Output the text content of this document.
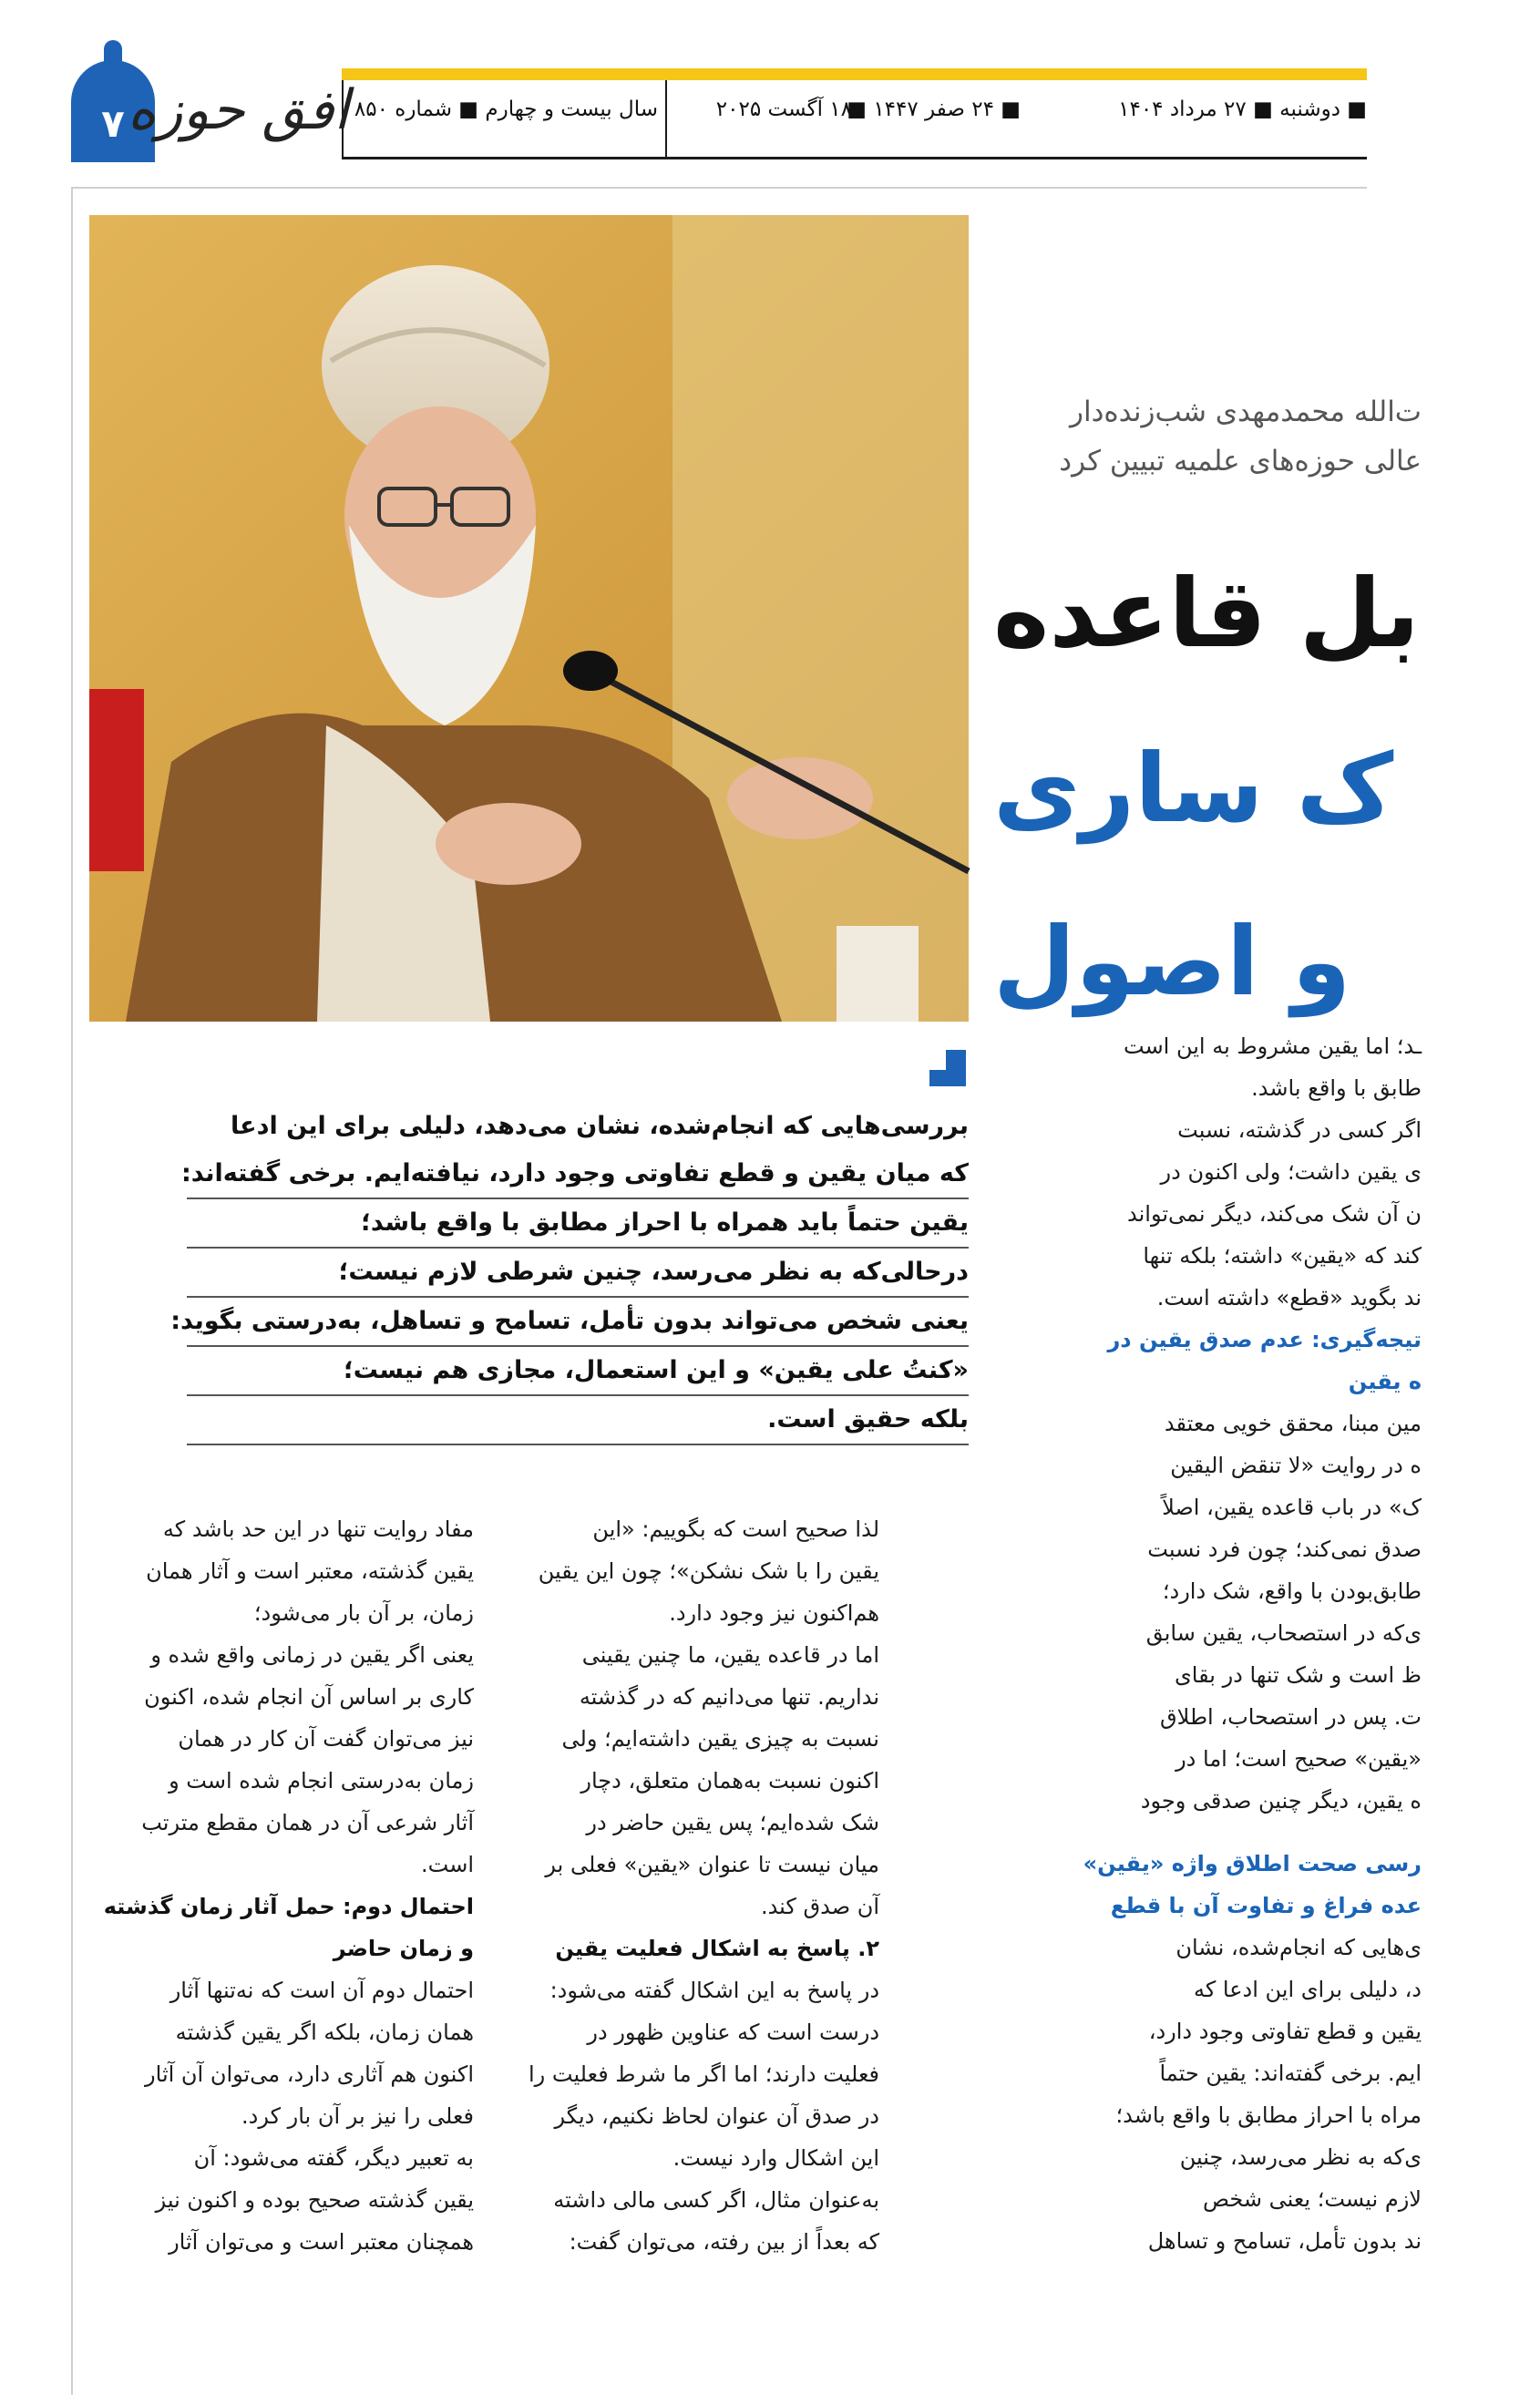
۷ افق حوزه سال بیست و چهارم ■ شماره ۸۵۰	۱۸ آگست ۲۰۲۵
■ ۲۴ صفر ۱۴۴۷ ■	■ دوشنبه ■ ۲۷ مرداد ۱۴۰۴
ت‌الله محمدمهدی شب‌زنده‌دار
عالی حوزه‌های علمیه تبیین کرد
بل قاعده
ک ساری
و اصول
بررسی‌هایی که انجام‌شده، نشان می‌دهد، دلیلی برای این ادعا
که میان یقین و قطع تفاوتی وجود دارد، نیافته‌ایم. برخی گفته‌اند:
یقین حتماً باید همراه با احراز مطابق با واقع باشد؛
درحالی‌که به نظر می‌رسد، چنین شرطی لازم نیست؛
یعنی شخص می‌تواند بدون تأمل، تسامح و تساهل، به‌درستی بگوید:
«کنتُ علی یقین» و این استعمال، مجازی هم نیست؛
بلکه حقیق است.

مفاد روایت تنها در این حد باشد که

یقین گذشته، معتبر است و آثار همان

زمان، بر آن بار می‌شود؛

یعنی اگر یقین در زمانی واقع شده و

کاری بر اساس آن انجام شده، اکنون

نیز می‌توان گفت آن کار در همان

زمان به‌درستی انجام شده است و

آثار شرعی آن در همان مقطع مترتب

است.

احتمال دوم: حمل آثار زمان گذشته

و زمان حاضر

احتمال دوم آن است که نه‌تنها آثار

همان زمان، بلکه اگر یقین گذشته

اکنون هم آثاری دارد، می‌توان آن آثار

فعلی را نیز بر آن بار کرد.

به تعبیر دیگر، گفته می‌شود: آن

یقین گذشته صحیح بوده و اکنون نیز

همچنان معتبر است و می‌توان آثار

لذا صحیح است که بگوییم: «این

یقین را با شک نشکن»؛ چون این یقین

هم‌اکنون نیز وجود دارد.

اما در قاعده یقین، ما چنین یقینی

نداریم. تنها می‌دانیم که در گذشته

نسبت به چیزی یقین داشته‌ایم؛ ولی

اکنون نسبت به‌همان متعلق، دچار

شک شده‌ایم؛ پس یقین حاضر در

میان نیست تا عنوان «یقین» فعلی بر

آن صدق کند.

۲. پاسخ به اشکال فعلیت یقین

در پاسخ به این اشکال گفته می‌شود:

درست است که عناوین ظهور در

فعلیت دارند؛ اما اگر ما شرط فعلیت را

در صدق آن عنوان لحاظ نکنیم، دیگر

این اشکال وارد نیست.

به‌عنوان مثال، اگر کسی مالی داشته

که بعداً از بین رفته، می‌توان گفت:

ـد؛ اما یقین مشروط به این است

طابق با واقع باشد.

اگر کسی در گذشته، نسبت

ی یقین داشت؛ ولی اکنون در

ن آن شک می‌کند، دیگر نمی‌تواند

کند که «یقین» داشته؛ بلکه تنها

ند بگوید «قطع» داشته است.

تیجه‌گیری: عدم صدق یقین در

ه یقین

مین مبنا، محقق خویی معتقد

ه در روایت «لا تنقض الیقین

ک» در باب قاعده یقین، اصلاً

صدق نمی‌کند؛ چون فرد نسبت

طابق‌بودن با واقع، شک دارد؛

ی‌که در استصحاب، یقین سابق

ظ است و شک تنها در بقای

ت. پس در استصحاب، اطلاق

«یقین» صحیح است؛ اما در

ه یقین، دیگر چنین صدقی وجود

رسی صحت اطلاق واژه «یقین»

عده فراغ و تفاوت آن با قطع

ی‌هایی که انجام‌شده، نشان

د، دلیلی برای این ادعا که

یقین و قطع تفاوتی وجود دارد،

ایم. برخی گفته‌اند: یقین حتماً

مراه با احراز مطابق با واقع باشد؛

ی‌که به نظر می‌رسد، چنین

لازم نیست؛ یعنی شخص

ند بدون تأمل، تسامح و تساهل
